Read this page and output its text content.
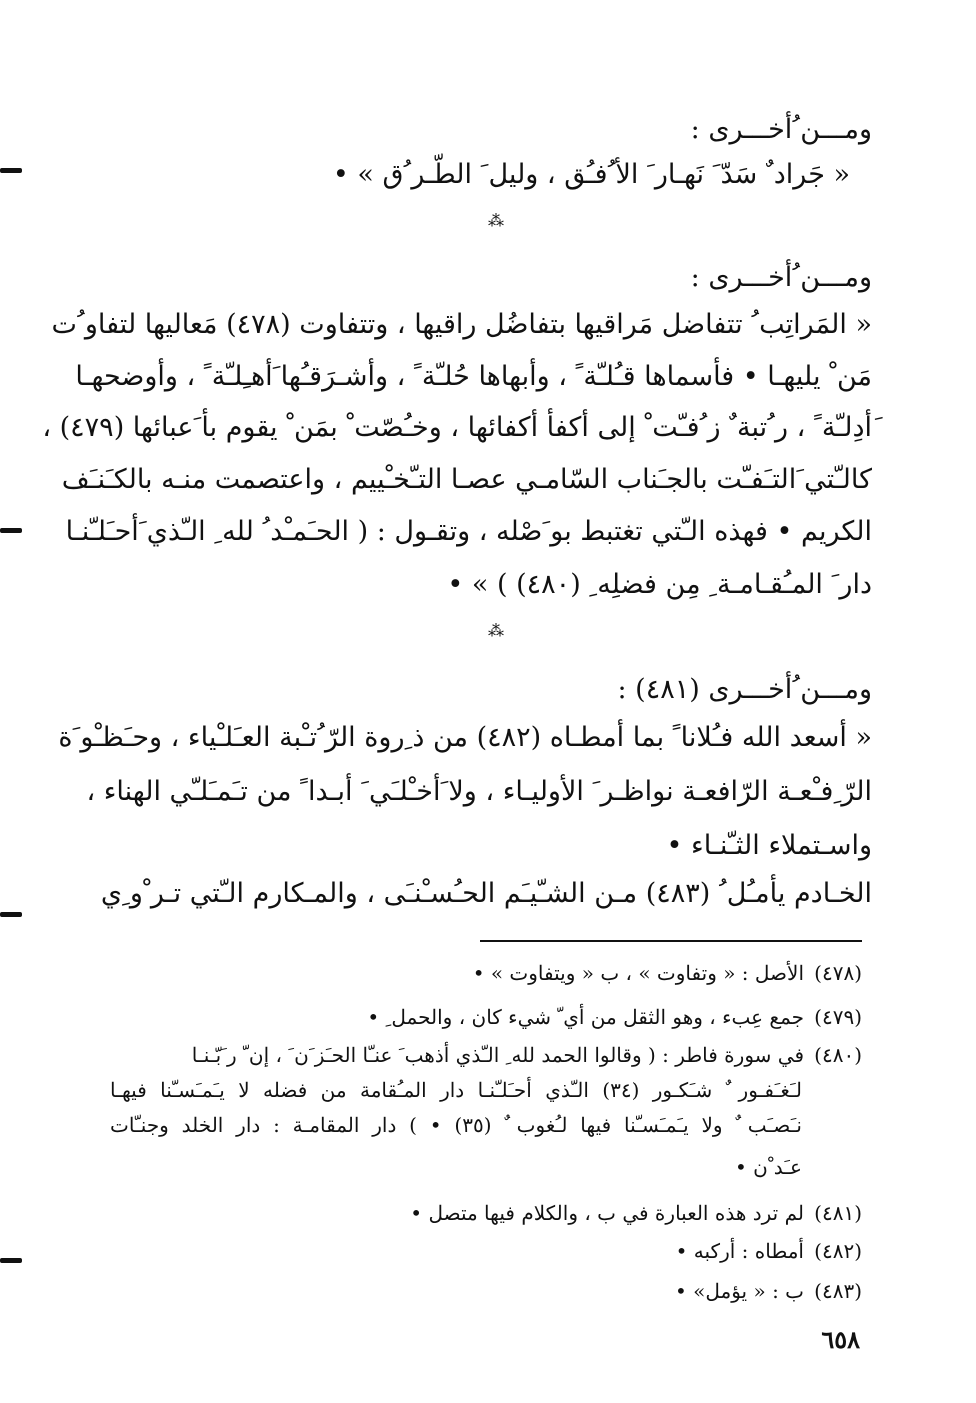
ومـــن ُأخـــرى :
« جَراد ٌ سَدّ َ نَهـار َ الأ ُفـُق ، وليل َ الطّـر ُق » •
⁂
ومـــن ُأخـــرى :
« المَراتِب ُ تتفاضل مَراقيها بتفاضُل راقيها ، وتتفاوت (٤٧٨) مَعاليها لتفاو ُت
مَن ْ يليهـا • فأسماها قـُلـّة ً ، وأبهاها حُلـّة ً ، وأشـرَقـُها َأهـِلـّة ً ، وأوضحهـا
َأدِلـّة ً ، ر ُتبة ٌ ز ُفـّت ْ إلى أكفأ أكفائها ، وخـُصّت ْ بمَن ْ يقوم بأ َعبائها (٤٧٩) ،
كالـّتي َالتـَفـّت بالجـَناب السّامـي عصـا التـّخـْييم ، واعتصمت منـه بالكـَنـَف
الكريم • فهذه الـّتي تغتبط بو َصْله ، وتقـول : ( الحـَمـْد ُ لله ِ الـّذي َأحـَلـّنـا
دار َ المـُقـامـة ِ مِن فضلِه ِ (٤٨٠) ) » •
⁂
ومـــن ُأخـــرى (٤٨١) :
« أسعد الله فـُلانا ً بما أمطـاه (٤٨٢) من ذ ِروة الرّ ُتـْبة العـَلـْياء ، وحـَظـْو َة
الرّ ِفـْعـة الرّافعـة نواظـر َ الأوليـاء ، ولا َأخـْلـَي َ أبـدا ً من تـَمـَلـّي الهناء ،
واسـتملاء الثـّنـاء •
الخـادم يأمـُل ُ (٤٨٣) مـن الشـّيـَم الحـُسـْنـَى ، والمـكارم الـّتي تـر ْو ِي
(٤٧٨)الأصل : « وتفاوت » ، ب « ويتفاوت » •
(٤٧٩)جمع عِبء ، وهو الثقل من أي ّ شيء كان ، والحمل ِ •
(٤٨٠)في سورة فاطر : ( وقالوا الحمد لله ِ الـّذي أذهب َ عنـّا الحـَز َن َ ، إن ّ ر َبّـنـا
لـَغـَفـور ٌ شـَكـور (٣٤) الـّذي أحـَلـّنـا دار المـُقامة من فضله لا يـَمـَسـّنا فيهـا
نـَصـَب ٌ ولا يـَمـَسـّنا فيها لـُغوب ٌ (٣٥) • ) دار المقامـة : دار الخلد وجنـّات
عـَد ْن •
(٤٨١)لم ترد هذه العبارة في ب ، والكلام فيها متصل •
(٤٨٢)أمطاه : أركبه •
(٤٨٣)ب : « يؤمل» •
٦٥٨
